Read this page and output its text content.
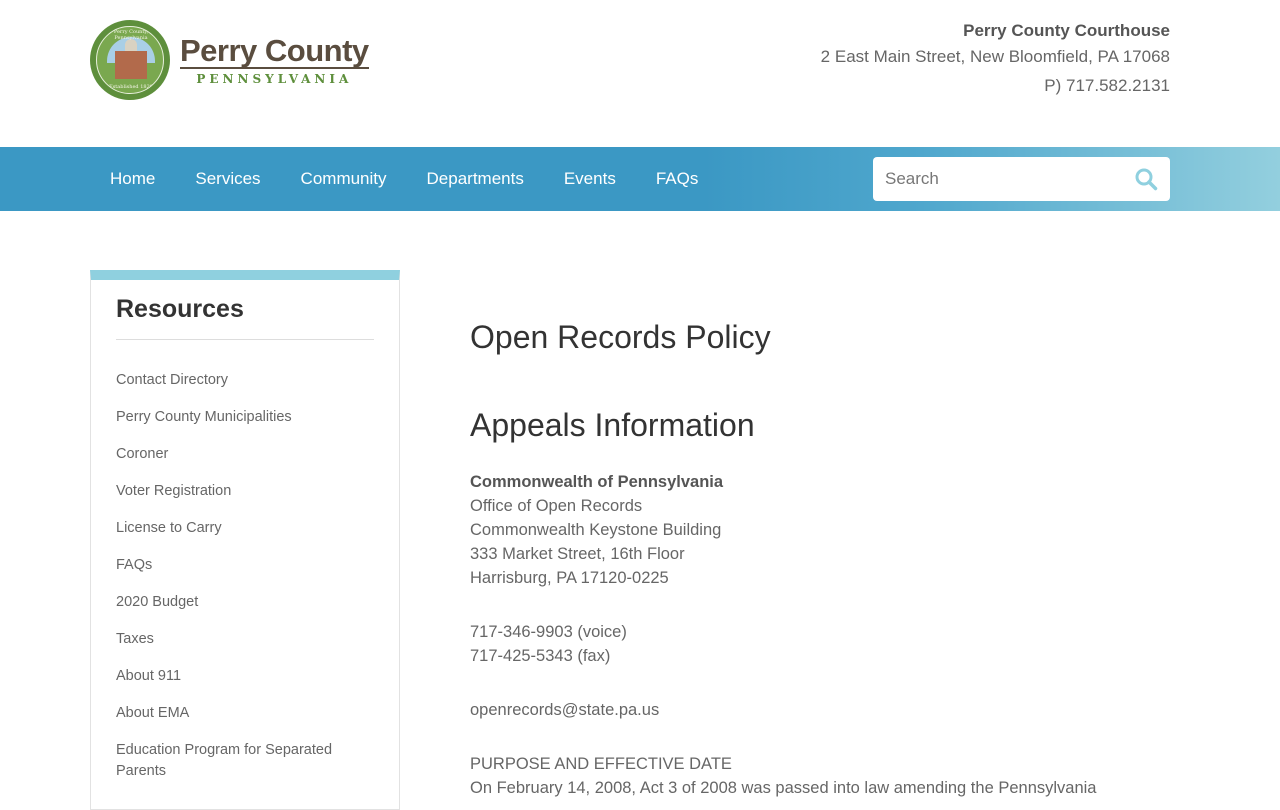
Perry County, Pennsylvania
Established 1820
Perry County
PENNSYLVANIA
Perry County Courthouse
2 East Main Street, New Bloomfield, PA 17068
P) 717.582.2131
Home	Services	Community	Departments	Events	FAQs
Search
Resources
Contact Directory
Perry County Municipalities
Coroner
Voter Registration
License to Carry
FAQs
2020 Budget
Taxes
About 911
About EMA
Education Program for Separated Parents
Open Records Policy
Appeals Information
Commonwealth of Pennsylvania
Office of Open Records
Commonwealth Keystone Building
333 Market Street, 16th Floor
Harrisburg, PA 17120-0225
717-346-9903 (voice)
717-425-5343 (fax)
openrecords@state.pa.us
PURPOSE AND EFFECTIVE DATE
On February 14, 2008, Act 3 of 2008 was passed into law amending the Pennsylvania
